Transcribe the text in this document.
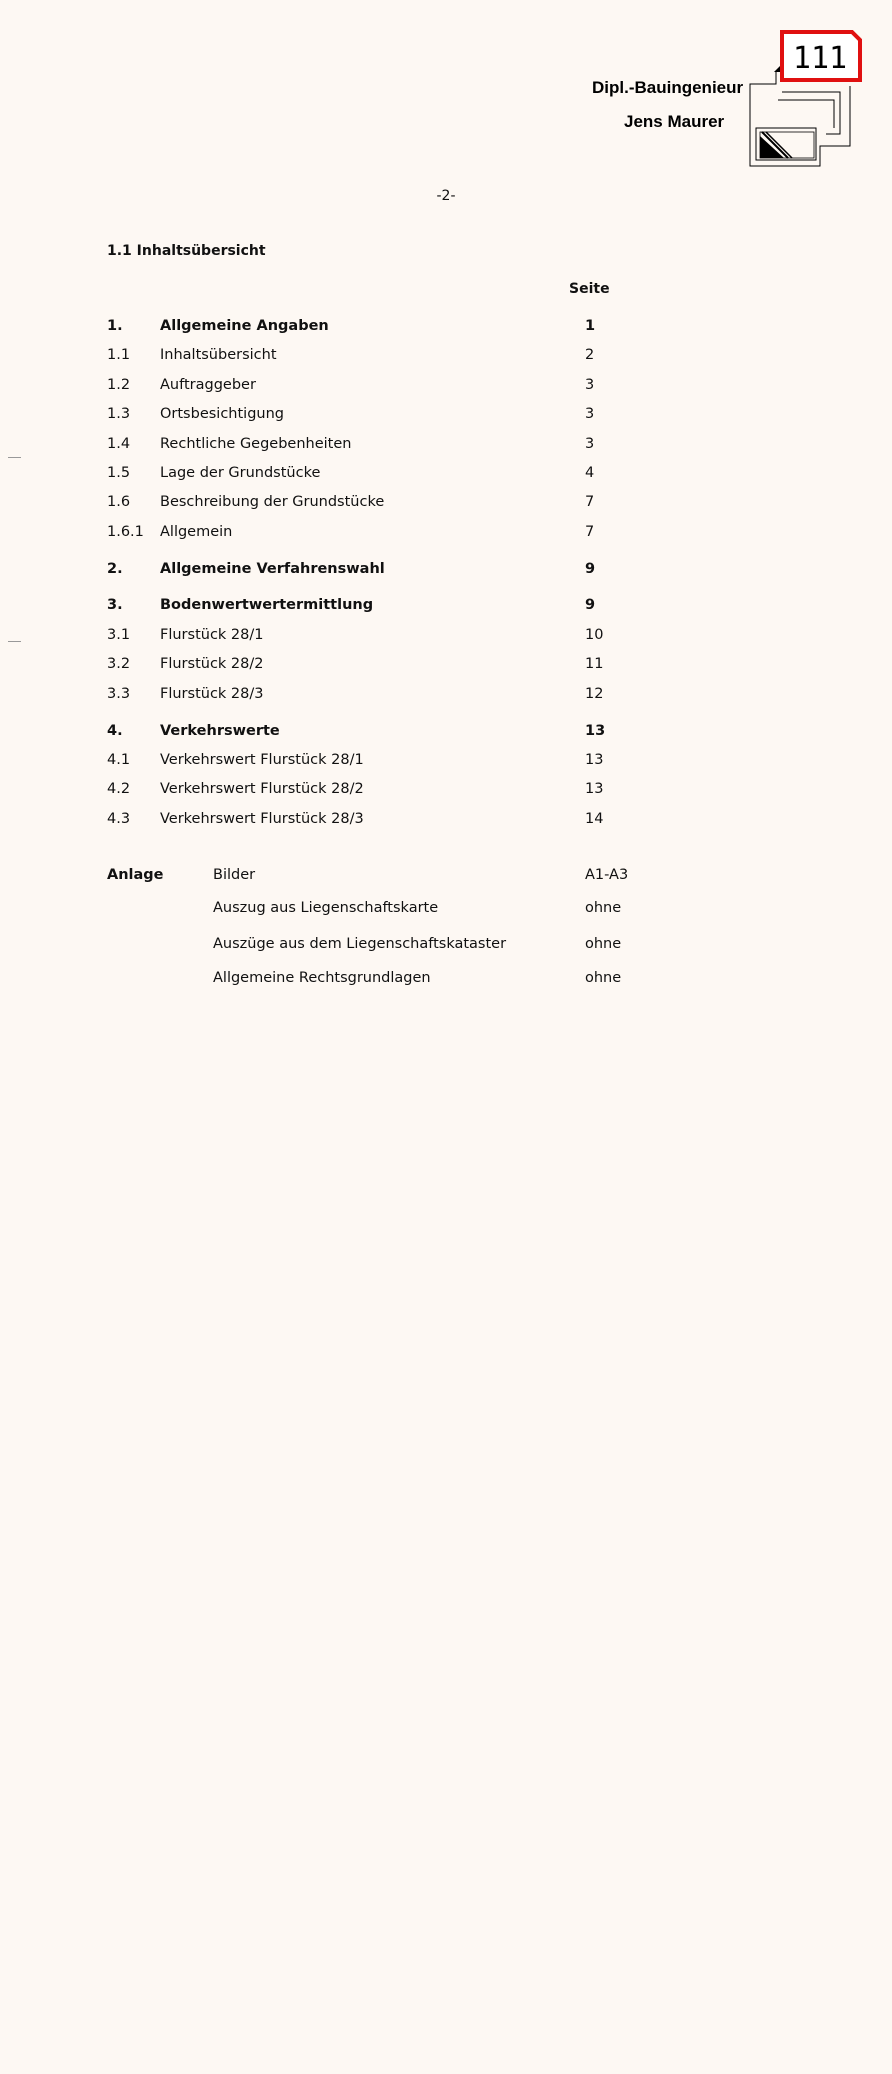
111
Dipl.-Bauingenieur
Jens Maurer
-2-
1.1 Inhaltsübersicht
Seite
1.	Allgemeine Angaben	1
1.1 Inhaltsübersicht	2
1.2 Auftraggeber	3
1.3 Ortsbesichtigung	3
1.4 Rechtliche Gegebenheiten	3
1.5 Lage der Grundstücke	4
1.6 Beschreibung der Grundstücke	7
1.6.1 Allgemein	7
2.	Allgemeine Verfahrenswahl	9
3.	Bodenwertwertermittlung	9
3.1 Flurstück 28/1	10
3.2 Flurstück 28/2	11
3.3 Flurstück 28/3	12
4.	Verkehrswerte	13
4.1 Verkehrswert Flurstück 28/1	13
4.2 Verkehrswert Flurstück 28/2	13
4.3 Verkehrswert Flurstück 28/3	14
Anlage	Bilder	A1-A3
Auszug aus Liegenschaftskarte	ohne
Auszüge aus dem Liegenschaftskataster	ohne
Allgemeine Rechtsgrundlagen	ohne
